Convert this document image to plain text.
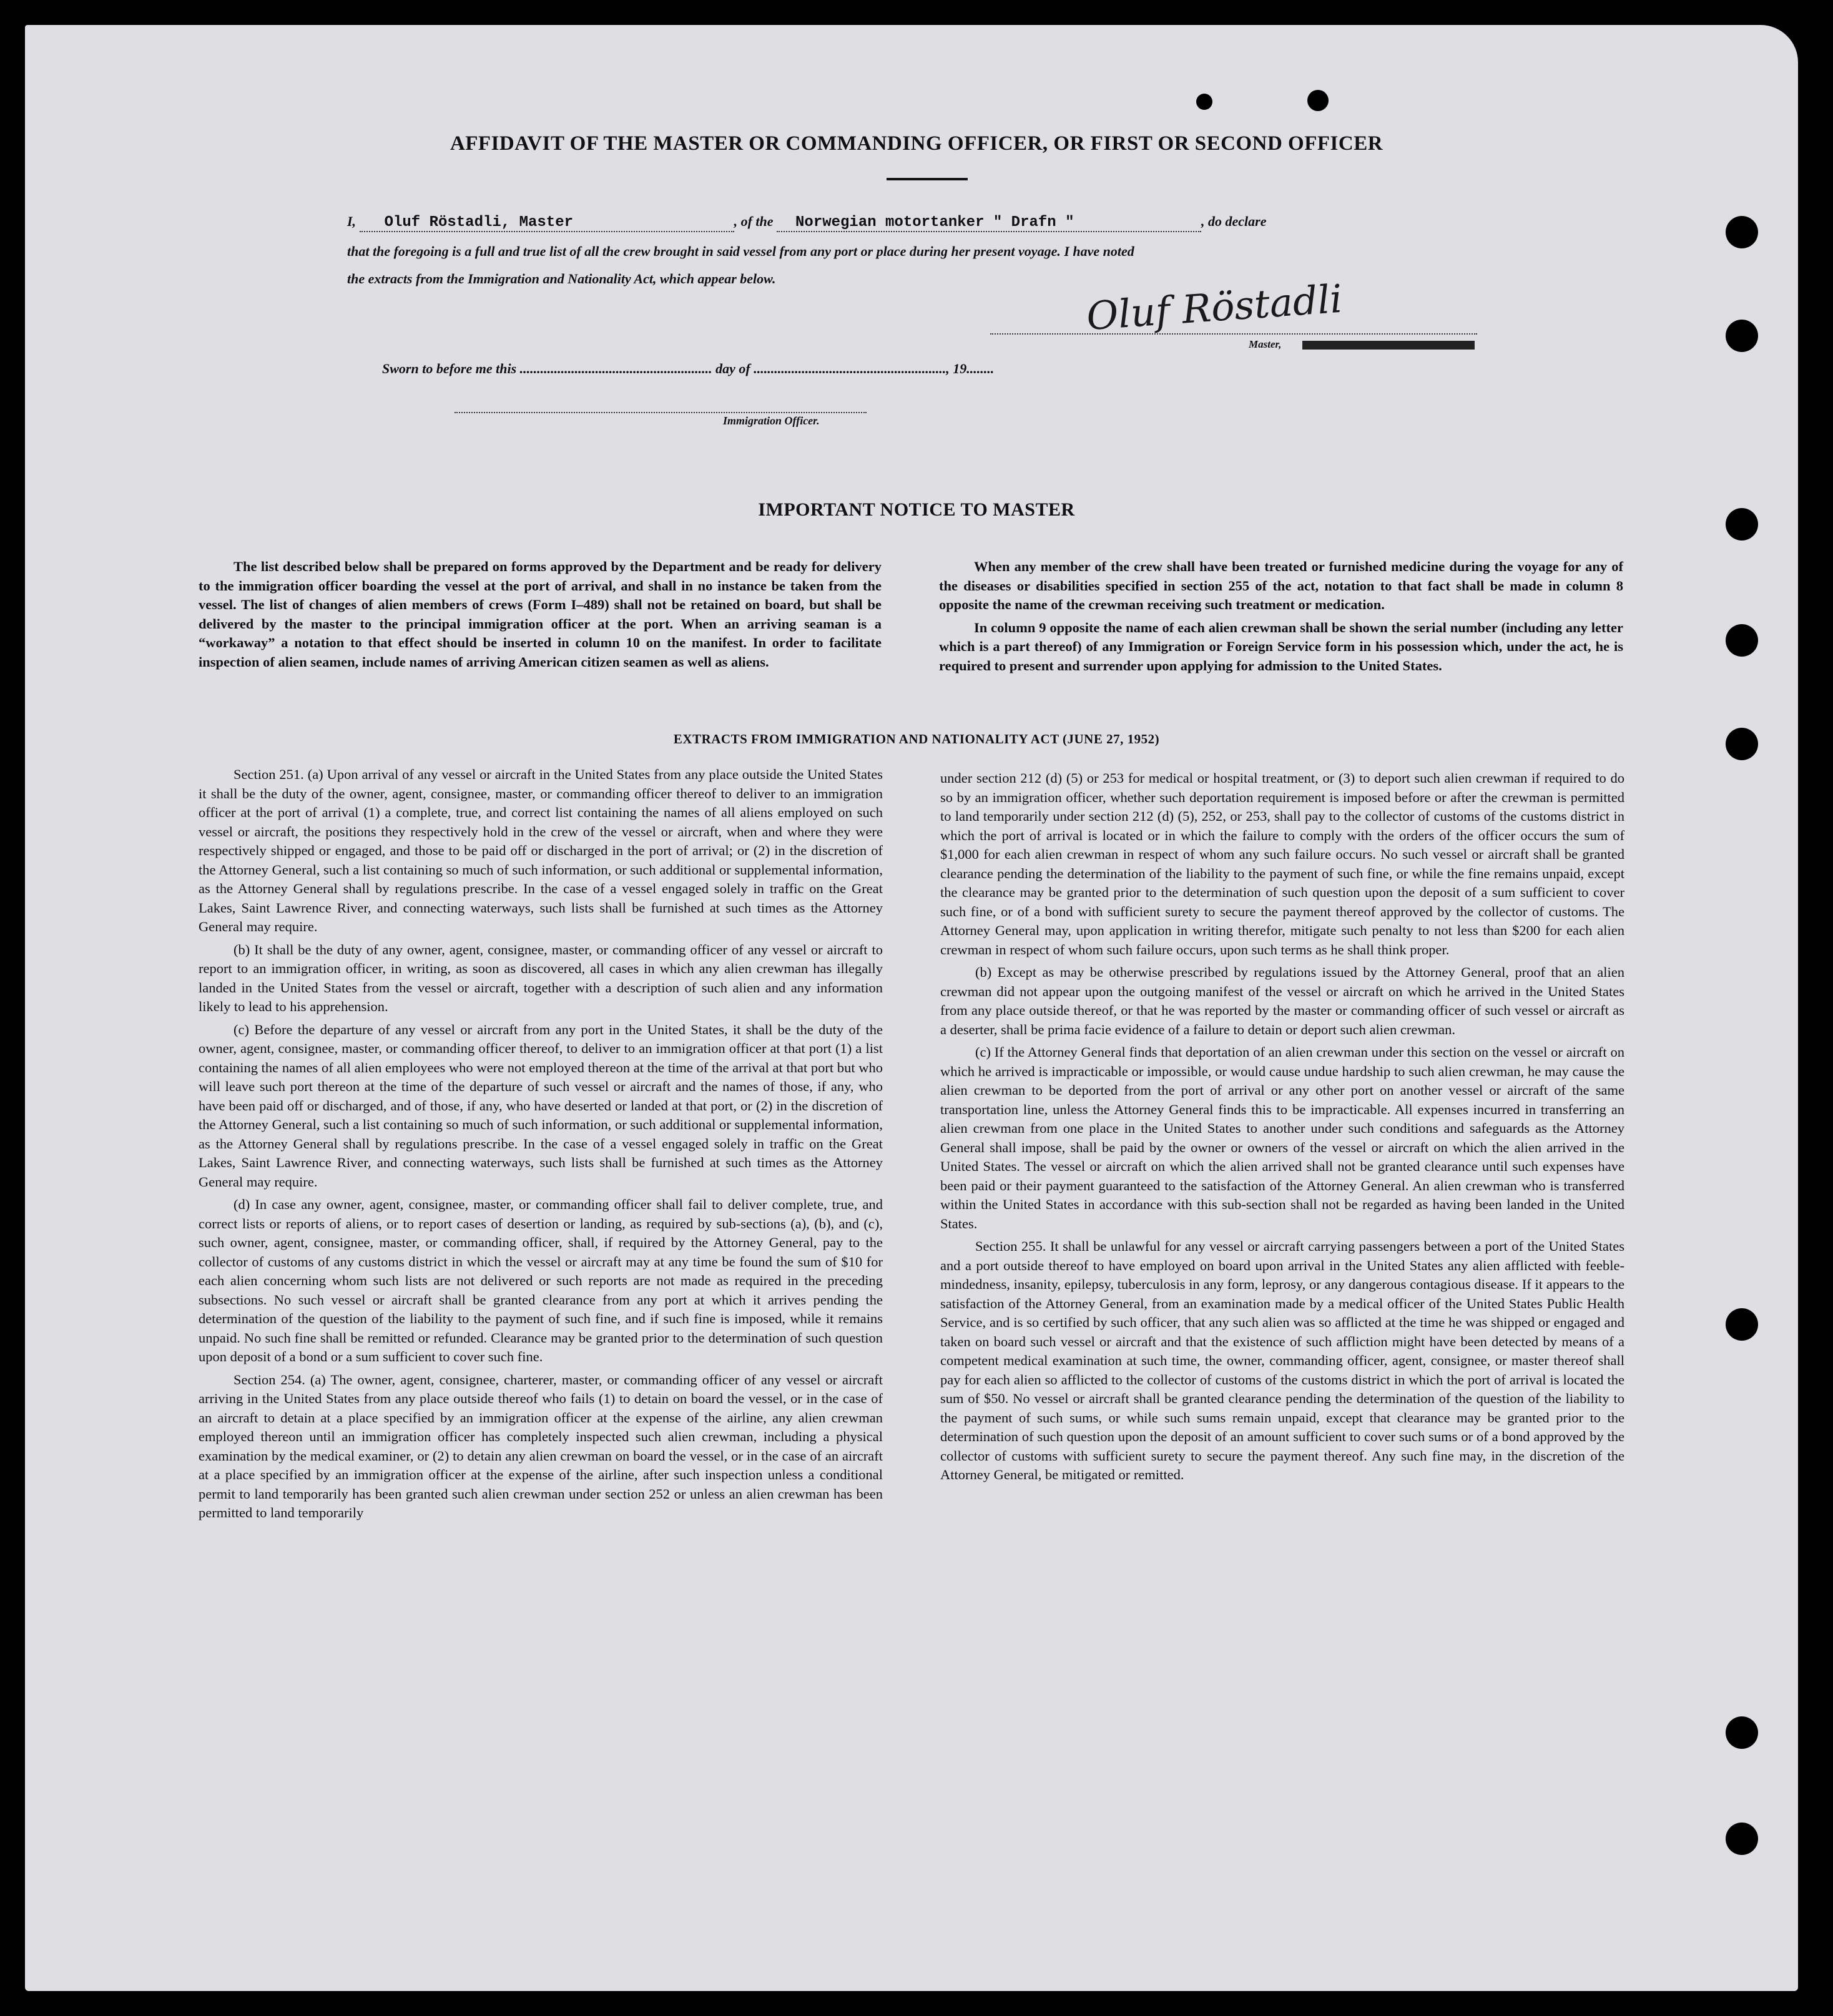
AFFIDAVIT OF THE MASTER OR COMMANDING OFFICER, OR FIRST OR SECOND OFFICER
I, Oluf Röstadli, Master	, of the Norwegian motortanker " Drafn "	, do declare
that the foregoing is a full and true list of all the crew brought in said vessel from any port or place during her present voyage. I have noted
the extracts from the Immigration and Nationality Act, which appear below.	Oluf Röstadli
Master,
Sworn to before me this ........................................................ day of ........................................................, 19........
Immigration Officer.
IMPORTANT NOTICE TO MASTER

The list described below shall be prepared on forms approved by the Department and be ready for delivery to the immigration officer boarding the vessel at the port of arrival, and shall in no instance be taken from the vessel. The list of changes of alien members of crews (Form I–489) shall not be retained on board, but shall be delivered by the master to the principal immigration officer at the port. When an arriving seaman is a “workaway” a notation to that effect should be inserted in column 10 on the manifest. In order to facilitate inspection of alien seamen, include names of arriving American citizen seamen as well as aliens.

When any member of the crew shall have been treated or furnished medicine during the voyage for any of the diseases or disabilities specified in section 255 of the act, notation to that fact shall be made in column 8 opposite the name of the crewman receiving such treatment or medication.

In column 9 opposite the name of each alien crewman shall be shown the serial number (including any letter which is a part thereof) of any Immigration or Foreign Service form in his possession which, under the act, he is required to present and surrender upon applying for admission to the United States.

EXTRACTS FROM IMMIGRATION AND NATIONALITY ACT (JUNE 27, 1952)

Section 251. (a) Upon arrival of any vessel or aircraft in the United States from any place outside the United States it shall be the duty of the owner, agent, consignee, master, or commanding officer thereof to deliver to an immigration officer at the port of arrival (1) a complete, true, and correct list containing the names of all aliens employed on such vessel or aircraft, the positions they respectively hold in the crew of the vessel or aircraft, when and where they were respectively shipped or engaged, and those to be paid off or discharged in the port of arrival; or (2) in the discretion of the Attorney General, such a list containing so much of such information, or such additional or supplemental information, as the Attorney General shall by regulations prescribe. In the case of a vessel engaged solely in traffic on the Great Lakes, Saint Lawrence River, and connecting waterways, such lists shall be furnished at such times as the Attorney General may require.

(b) It shall be the duty of any owner, agent, consignee, master, or commanding officer of any vessel or aircraft to report to an immigration officer, in writing, as soon as discovered, all cases in which any alien crewman has illegally landed in the United States from the vessel or aircraft, together with a description of such alien and any information likely to lead to his apprehension.

(c) Before the departure of any vessel or aircraft from any port in the United States, it shall be the duty of the owner, agent, consignee, master, or commanding officer thereof, to deliver to an immigration officer at that port (1) a list containing the names of all alien employees who were not employed thereon at the time of the arrival at that port but who will leave such port thereon at the time of the departure of such vessel or aircraft and the names of those, if any, who have been paid off or discharged, and of those, if any, who have deserted or landed at that port, or (2) in the discretion of the Attorney General, such a list containing so much of such information, or such additional or supplemental information, as the Attorney General shall by regulations prescribe. In the case of a vessel engaged solely in traffic on the Great Lakes, Saint Lawrence River, and connecting waterways, such lists shall be furnished at such times as the Attorney General may require.

(d) In case any owner, agent, consignee, master, or commanding officer shall fail to deliver complete, true, and correct lists or reports of aliens, or to report cases of desertion or landing, as required by sub-sections (a), (b), and (c), such owner, agent, consignee, master, or commanding officer, shall, if required by the Attorney General, pay to the collector of customs of any customs district in which the vessel or aircraft may at any time be found the sum of $10 for each alien concerning whom such lists are not delivered or such reports are not made as required in the preceding subsections. No such vessel or aircraft shall be granted clearance from any port at which it arrives pending the determination of the question of the liability to the payment of such fine, and if such fine is imposed, while it remains unpaid. No such fine shall be remitted or refunded. Clearance may be granted prior to the determination of such question upon deposit of a bond or a sum sufficient to cover such fine.

Section 254. (a) The owner, agent, consignee, charterer, master, or commanding officer of any vessel or aircraft arriving in the United States from any place outside thereof who fails (1) to detain on board the vessel, or in the case of an aircraft to detain at a place specified by an immigration officer at the expense of the airline, any alien crewman employed thereon until an immigration officer has completely inspected such alien crewman, including a physical examination by the medical examiner, or (2) to detain any alien crewman on board the vessel, or in the case of an aircraft at a place specified by an immigration officer at the expense of the airline, after such inspection unless a conditional permit to land temporarily has been granted such alien crewman under section 252 or unless an alien crewman has been permitted to land temporarily

under section 212 (d) (5) or 253 for medical or hospital treatment, or (3) to deport such alien crewman if required to do so by an immigration officer, whether such deportation requirement is imposed before or after the crewman is permitted to land temporarily under section 212 (d) (5), 252, or 253, shall pay to the collector of customs of the customs district in which the port of arrival is located or in which the failure to comply with the orders of the officer occurs the sum of $1,000 for each alien crewman in respect of whom any such failure occurs. No such vessel or aircraft shall be granted clearance pending the determination of the liability to the payment of such fine, or while the fine remains unpaid, except the clearance may be granted prior to the determination of such question upon the deposit of a sum sufficient to cover such fine, or of a bond with sufficient surety to secure the payment thereof approved by the collector of customs. The Attorney General may, upon application in writing therefor, mitigate such penalty to not less than $200 for each alien crewman in respect of whom such failure occurs, upon such terms as he shall think proper.

(b) Except as may be otherwise prescribed by regulations issued by the Attorney General, proof that an alien crewman did not appear upon the outgoing manifest of the vessel or aircraft on which he arrived in the United States from any place outside thereof, or that he was reported by the master or commanding officer of such vessel or aircraft as a deserter, shall be prima facie evidence of a failure to detain or deport such alien crewman.

(c) If the Attorney General finds that deportation of an alien crewman under this section on the vessel or aircraft on which he arrived is impracticable or impossible, or would cause undue hardship to such alien crewman, he may cause the alien crewman to be deported from the port of arrival or any other port on another vessel or aircraft of the same transportation line, unless the Attorney General finds this to be impracticable. All expenses incurred in transferring an alien crewman from one place in the United States to another under such conditions and safeguards as the Attorney General shall impose, shall be paid by the owner or owners of the vessel or aircraft on which the alien arrived in the United States. The vessel or aircraft on which the alien arrived shall not be granted clearance until such expenses have been paid or their payment guaranteed to the satisfaction of the Attorney General. An alien crewman who is transferred within the United States in accordance with this sub-section shall not be regarded as having been landed in the United States.

Section 255. It shall be unlawful for any vessel or aircraft carrying passengers between a port of the United States and a port outside thereof to have employed on board upon arrival in the United States any alien afflicted with feeble-mindedness, insanity, epilepsy, tuberculosis in any form, leprosy, or any dangerous contagious disease. If it appears to the satisfaction of the Attorney General, from an examination made by a medical officer of the United States Public Health Service, and is so certified by such officer, that any such alien was so afflicted at the time he was shipped or engaged and taken on board such vessel or aircraft and that the existence of such affliction might have been detected by means of a competent medical examination at such time, the owner, commanding officer, agent, consignee, or master thereof shall pay for each alien so afflicted to the collector of customs of the customs district in which the port of arrival is located the sum of $50. No vessel or aircraft shall be granted clearance pending the determination of the question of the liability to the payment of such sums, or while such sums remain unpaid, except that clearance may be granted prior to the determination of such question upon the deposit of an amount sufficient to cover such sums or of a bond approved by the collector of customs with sufficient surety to secure the payment thereof. Any such fine may, in the discretion of the Attorney General, be mitigated or remitted.
